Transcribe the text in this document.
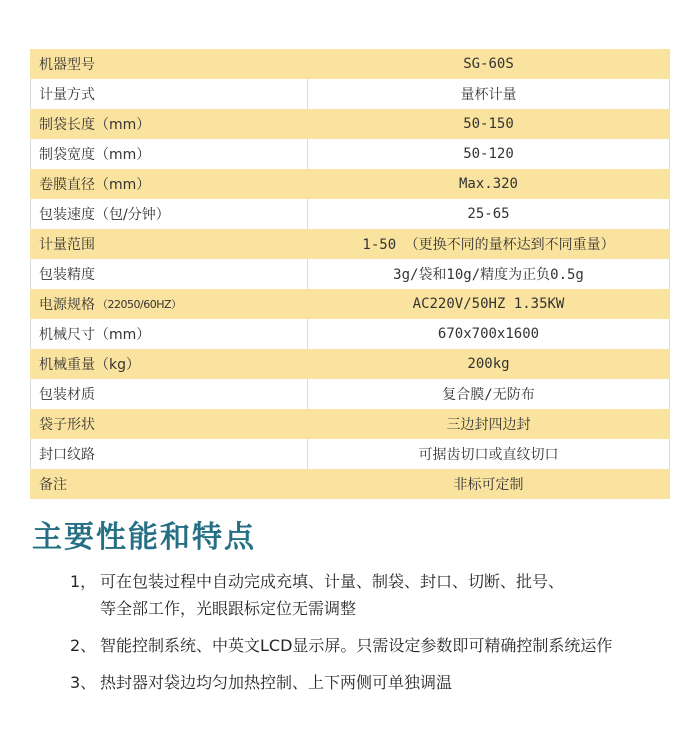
机器型号	SG-60S
计量方式	量杯计量
制袋长度（mm）	50-150
制袋宽度（mm）	50-120
卷膜直径（mm）	Max.320
包装速度（包/分钟）	25-65
计量范围	1-50 （更换不同的量杯达到不同重量）
包装精度	3g/袋和10g/精度为正负0.5g
电源规格 （22050/60HZ）	AC220V/50HZ 1.35KW
机械尺寸（mm）	670x700x1600
机械重量（kg）	200kg
包装材质	复合膜/无防布
袋子形状	三边封四边封
封口纹路	可据齿切口或直纹切口
备注	非标可定制
主要性能和特点
1， 可在包装过程中自动完成充填、计量、制袋、封口、切断、批号、
等全部工作，光眼跟标定位无需调整
2、 智能控制系统、中英文LCD显示屏。只需设定参数即可精确控制系统运作
3、 热封器对袋边均匀加热控制、上下两侧可单独调温
